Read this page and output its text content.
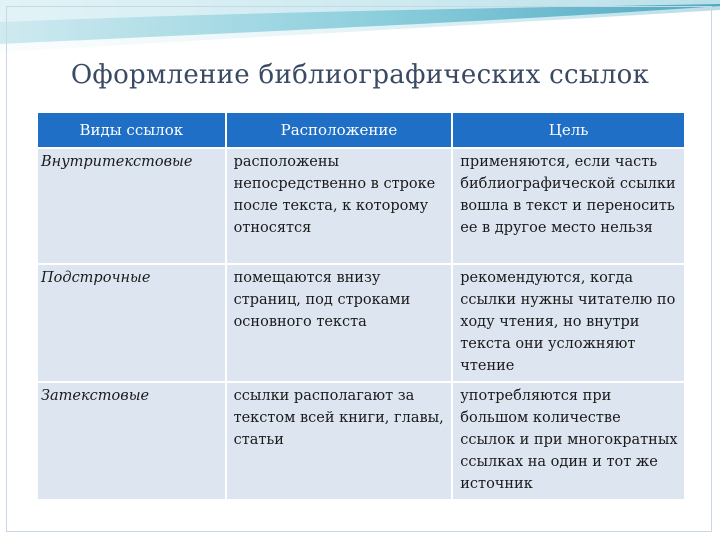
Оформление библиографических ссылок
Виды ссылок	Расположение	Цель
Внутритекстовые	расположены непосредственно в строке после текста, к которому относятся	применяются, если часть библиографической ссылки вошла в текст и переносить ее в другое место нельзя
Подстрочные	помещаются внизу страниц, под строками основного текста	рекомендуются, когда ссылки нужны читателю по ходу чтения, но внутри текста они усложняют чтение
Затекстовые	ссылки располагают за текстом всей книги, главы, статьи	употребляются при большом количестве ссылок и при многократных ссылках на один и тот же источник
